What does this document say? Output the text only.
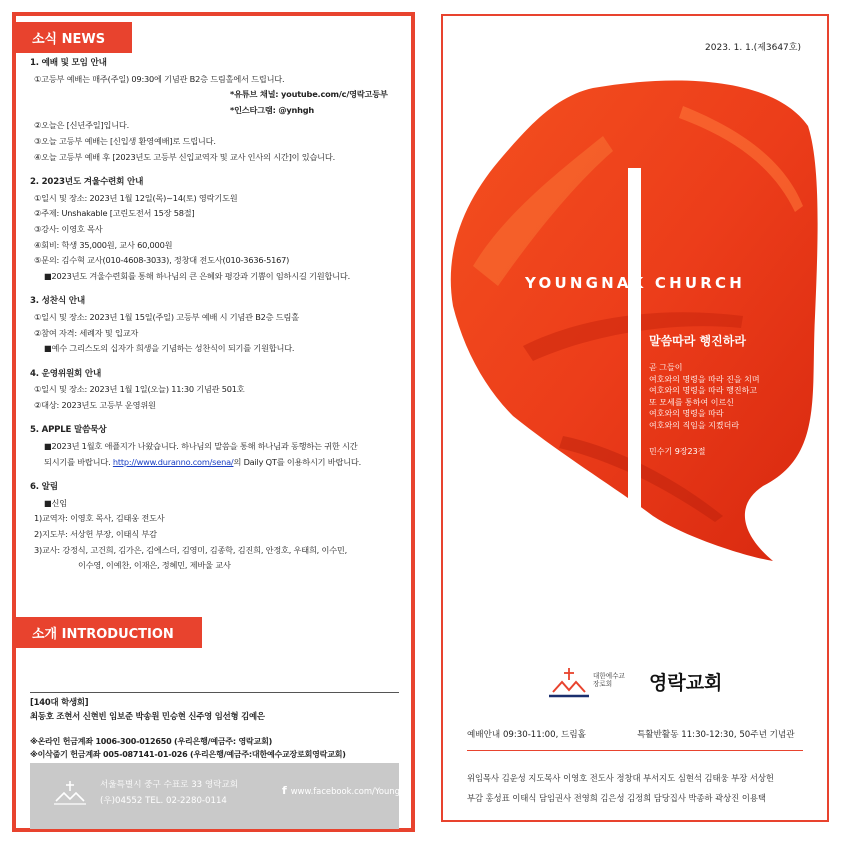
소식 NEWS
1. 예배 및 모임 안내
①고등부 예배는 매주(주일) 09:30에 기념관 B2층 드림홀에서 드립니다.
*유튜브 채널: youtube.com/c/영락고등부
*인스타그램: @ynhgh
②오늘은 [신년주일]입니다.
③오늘 고등부 예배는 [신입생 환영예배]로 드립니다.
④오늘 고등부 예배 후 [2023년도 고등부 신입교역자 및 교사 인사의 시간]이 있습니다.
2. 2023년도 겨울수련회 안내
①일시 및 장소: 2023년 1월 12일(목)~14(토) 영락기도원
②주제: Unshakable [고린도전서 15장 58절]
③강사: 이영호 목사
④회비: 학생 35,000원, 교사 60,000원
⑤문의: 김수혁 교사(010-4608-3033), 정창대 전도사(010-3636-5167)
■2023년도 겨울수련회를 통해 하나님의 큰 은혜와 평강과 기쁨이 임하시길 기원합니다.
3. 성찬식 안내
①일시 및 장소: 2023년 1월 15일(주일) 고등부 예배 시 기념관 B2층 드림홀
②참여 자격: 세례자 및 입교자
■예수 그리스도의 십자가 희생을 기념하는 성찬식이 되기를 기원합니다.
4. 운영위원회 안내
①일시 및 장소: 2023년 1월 1일(오늘) 11:30 기념관 501호
②대상: 2023년도 고등부 운영위원
5. APPLE 말씀묵상
■2023년 1월호 애플지가 나왔습니다. 하나님의 말씀을 통해 하나님과 동행하는 귀한 시간
되시기를 바랍니다. http://www.duranno.com/sena/의 Daily QT를 이용하시기 바랍니다.
6. 알림
■신임
1)교역자: 이영호 목사, 김태웅 전도사
2)지도부: 서상헌 부장, 이태식 부감
3)교사: 강정식, 고건희, 김가은, 김에스더, 김영미, 김종학, 김진희, 안정호, 우태희, 이수민,
이수영, 이예찬, 이재은, 정혜민, 제바울 교사
소개 INTRODUCTION
[140대 학생회]
최동호 조현서 신현빈 임보준 박송원 민승현 신주영 임선형 김예은
※온라인 헌금계좌 1006-300-012650 (우리은행/예금주: 영락교회)
※이삭줍기 헌금계좌 005-087141-01-026 (우리은행/예금주:대한예수교장로회영락교회)
서울특별시 중구 수표로 33 영락교회
(우)04552 TEL. 02-2280-0114
f www.facebook.com/Young
2023. 1. 1.(제3647호)
YOUNGNAK CHURCH
말씀따라 행진하라
곧 그들이
여호와의 명령을 따라 진을 치며
여호와의 명령을 따라 행진하고
또 모세를 통하여 이르신
여호와의 명령을 따라
여호와의 직임을 지켰더라
민수기 9장23절
대한예수교 장로회	영락교회
예배안내 09:30-11:00, 드림홀	특활반활동 11:30-12:30, 50주년 기념관
위임목사 김운성 지도목사 이영호 전도사 정창대 부서지도 심현석 김태웅 부장 서상헌
부감 홍성표 이태식 담임권사 전영희 김은성 김정희 담당집사 박종하 곽상진 이용택
